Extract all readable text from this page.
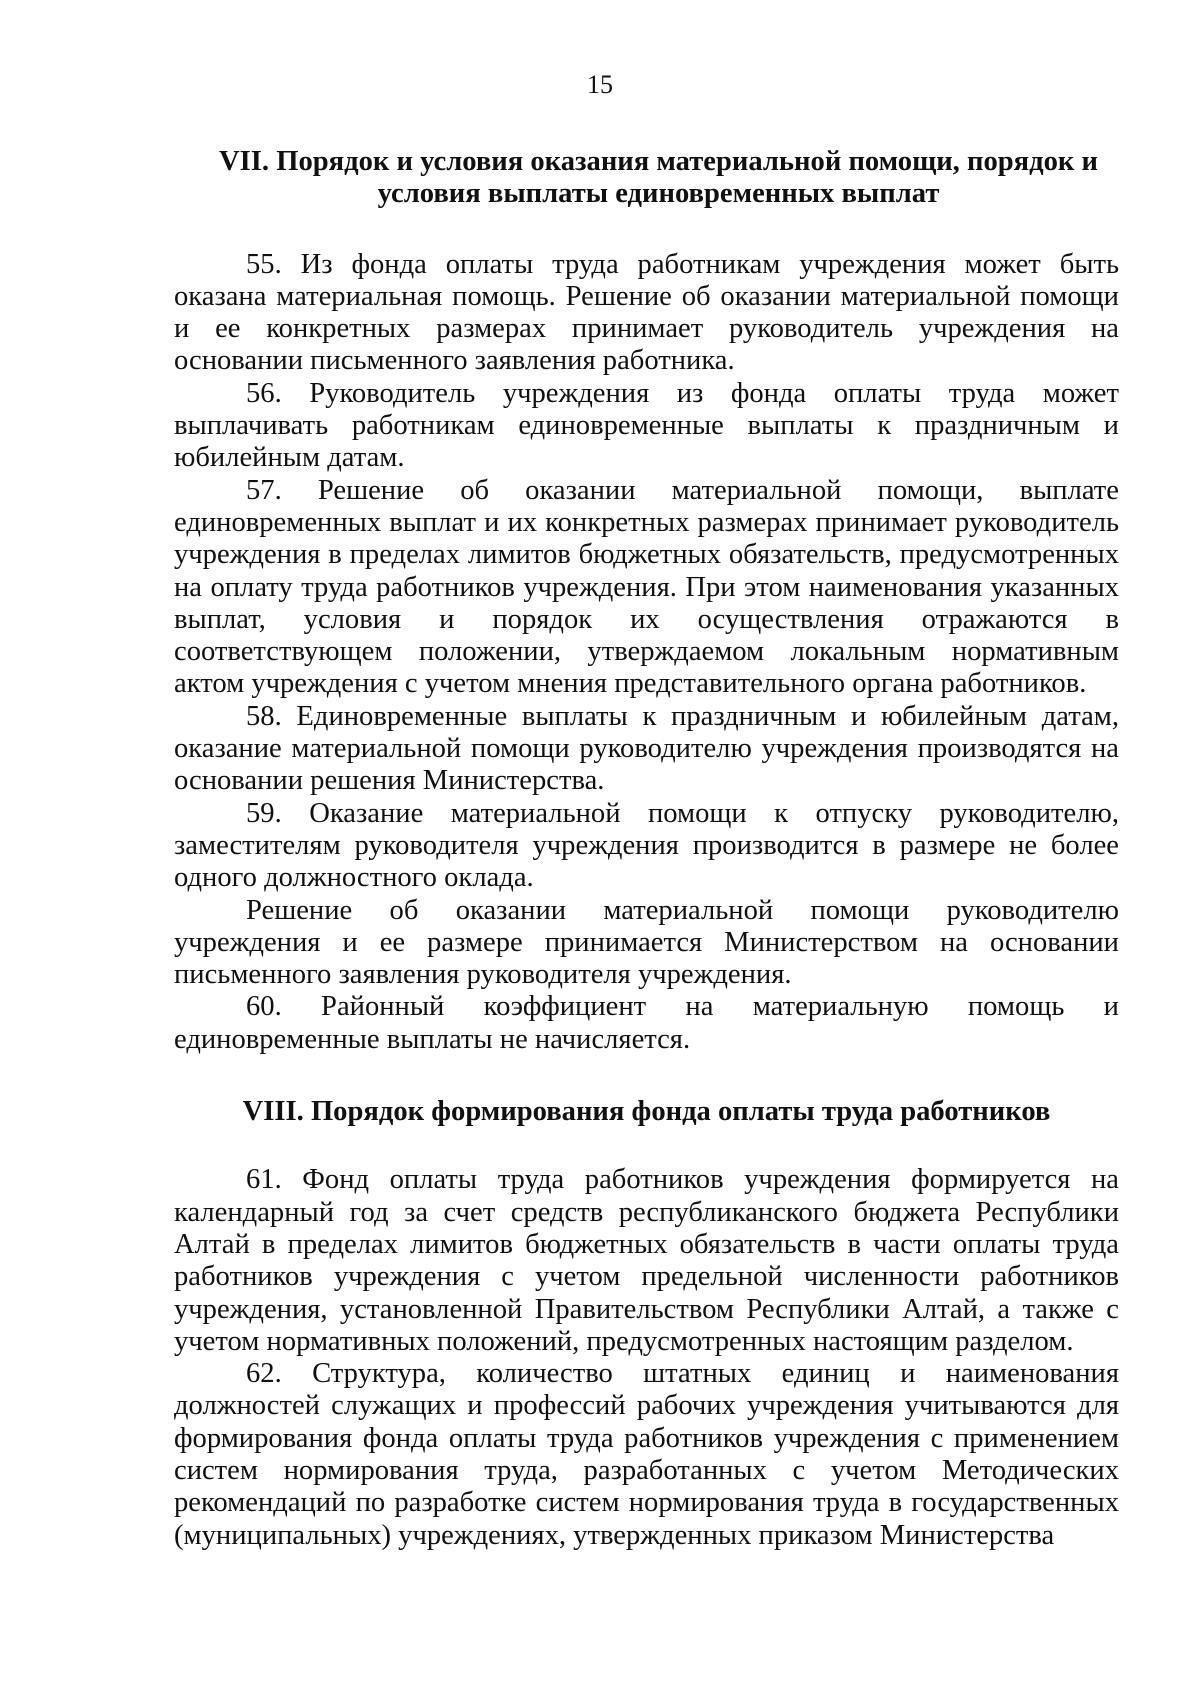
15
VII. Порядок и условия оказания материальной помощи, порядок и
условия выплаты единовременных выплат

55. Из фонда оплаты труда работникам учреждения может быть оказана материальная помощь. Решение об оказании материальной помощи и ее конкретных размерах принимает руководитель учреждения на основании письменного заявления работника.

56. Руководитель учреждения из фонда оплаты труда может выплачивать работникам единовременные выплаты к праздничным и юбилейным датам.

57. Решение об оказании материальной помощи, выплате единовременных выплат и их конкретных размерах принимает руководитель учреждения в пределах лимитов бюджетных обязательств, предусмотренных на оплату труда работников учреждения. При этом наименования указанных выплат, условия и порядок их осуществления отражаются в соответствующем положении, утверждаемом локальным нормативным актом учреждения с учетом мнения представительного органа работников.

58. Единовременные выплаты к праздничным и юбилейным датам, оказание материальной помощи руководителю учреждения производятся на основании решения Министерства.

59. Оказание материальной помощи к отпуску руководителю, заместителям руководителя учреждения производится в размере не более одного должностного оклада.

Решение об оказании материальной помощи руководителю учреждения и ее размере принимается Министерством на основании письменного заявления руководителя учреждения.

60. Районный коэффициент на материальную помощь и единовременные выплаты не начисляется.

VIII. Порядок формирования фонда оплаты труда работников

61. Фонд оплаты труда работников учреждения формируется на календарный год за счет средств республиканского бюджета Республики Алтай в пределах лимитов бюджетных обязательств в части оплаты труда работников учреждения с учетом предельной численности работников учреждения, установленной Правительством Республики Алтай, а также с учетом нормативных положений, предусмотренных настоящим разделом.

62. Структура, количество штатных единиц и наименования должностей служащих и профессий рабочих учреждения учитываются для формирования фонда оплаты труда работников учреждения с применением систем нормирования труда, разработанных с учетом Методических рекомендаций по разработке систем нормирования труда в государственных (муниципальных) учреждениях, утвержденных приказом Министерства
